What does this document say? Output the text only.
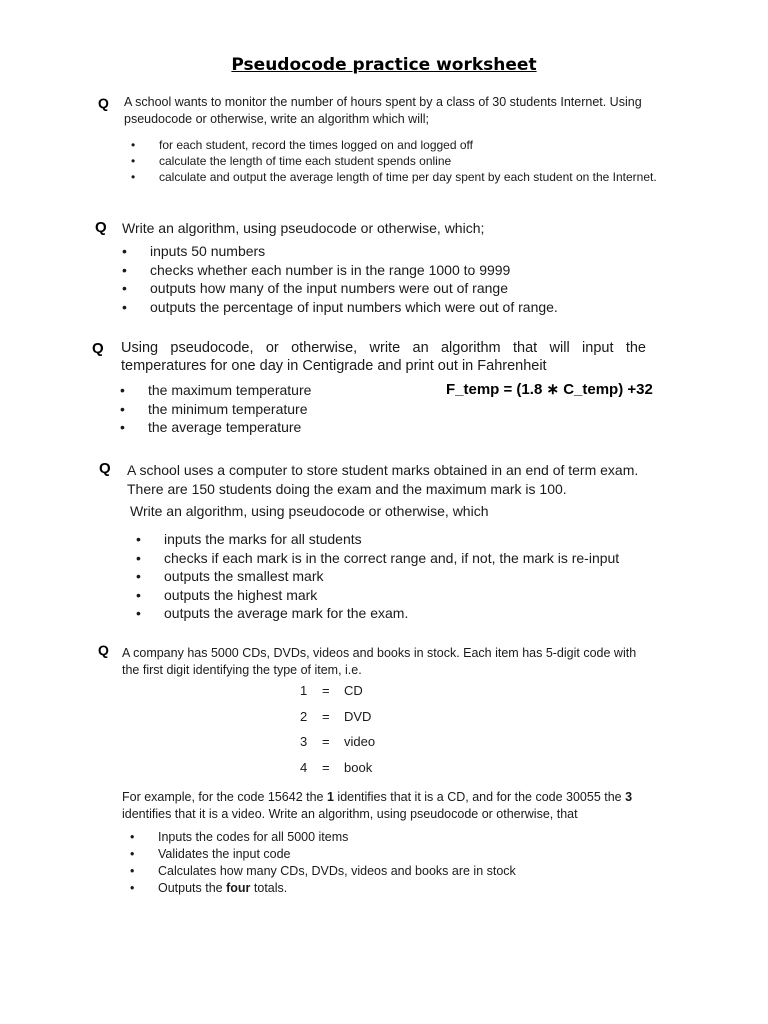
Pseudocode practice worksheet
Q A school wants to monitor the number of hours spent by a class of 30 students Internet. Using pseudocode or otherwise, write an algorithm which will;
• for each student, record the times logged on and logged off
• calculate the length of time each student spends online
• calculate and output the average length of time per day spent by each student on the Internet.
Q Write an algorithm, using pseudocode or otherwise, which;
• inputs 50 numbers
• checks whether each number is in the range 1000 to 9999
• outputs how many of the input numbers were out of range
• outputs the percentage of input numbers which were out of range.
Q Using pseudocode, or otherwise, write an algorithm that will input the temperatures for one day in Centigrade and print out in Fahrenheit
• the maximum temperature
• the minimum temperature
• the average temperature
F_temp = (1.8 ∗ C_temp) +32
Q A school uses a computer to store student marks obtained in an end of term exam. There are 150 students doing the exam and the maximum mark is 100.
Write an algorithm, using pseudocode or otherwise, which
• inputs the marks for all students
• checks if each mark is in the correct range and, if not, the mark is re-input
• outputs the smallest mark
• outputs the highest mark
• outputs the average mark for the exam.
Q A company has 5000 CDs, DVDs, videos and books in stock. Each item has 5-digit code with the first digit identifying the type of item, i.e.
1	=	CD
2	=	DVD
3	=	video
4	=	book
For example, for the code 15642 the 1 identifies that it is a CD, and for the code 30055 the 3 identifies that it is a video. Write an algorithm, using pseudocode or otherwise, that
• Inputs the codes for all 5000 items
• Validates the input code
• Calculates how many CDs, DVDs, videos and books are in stock
• Outputs the four totals.
